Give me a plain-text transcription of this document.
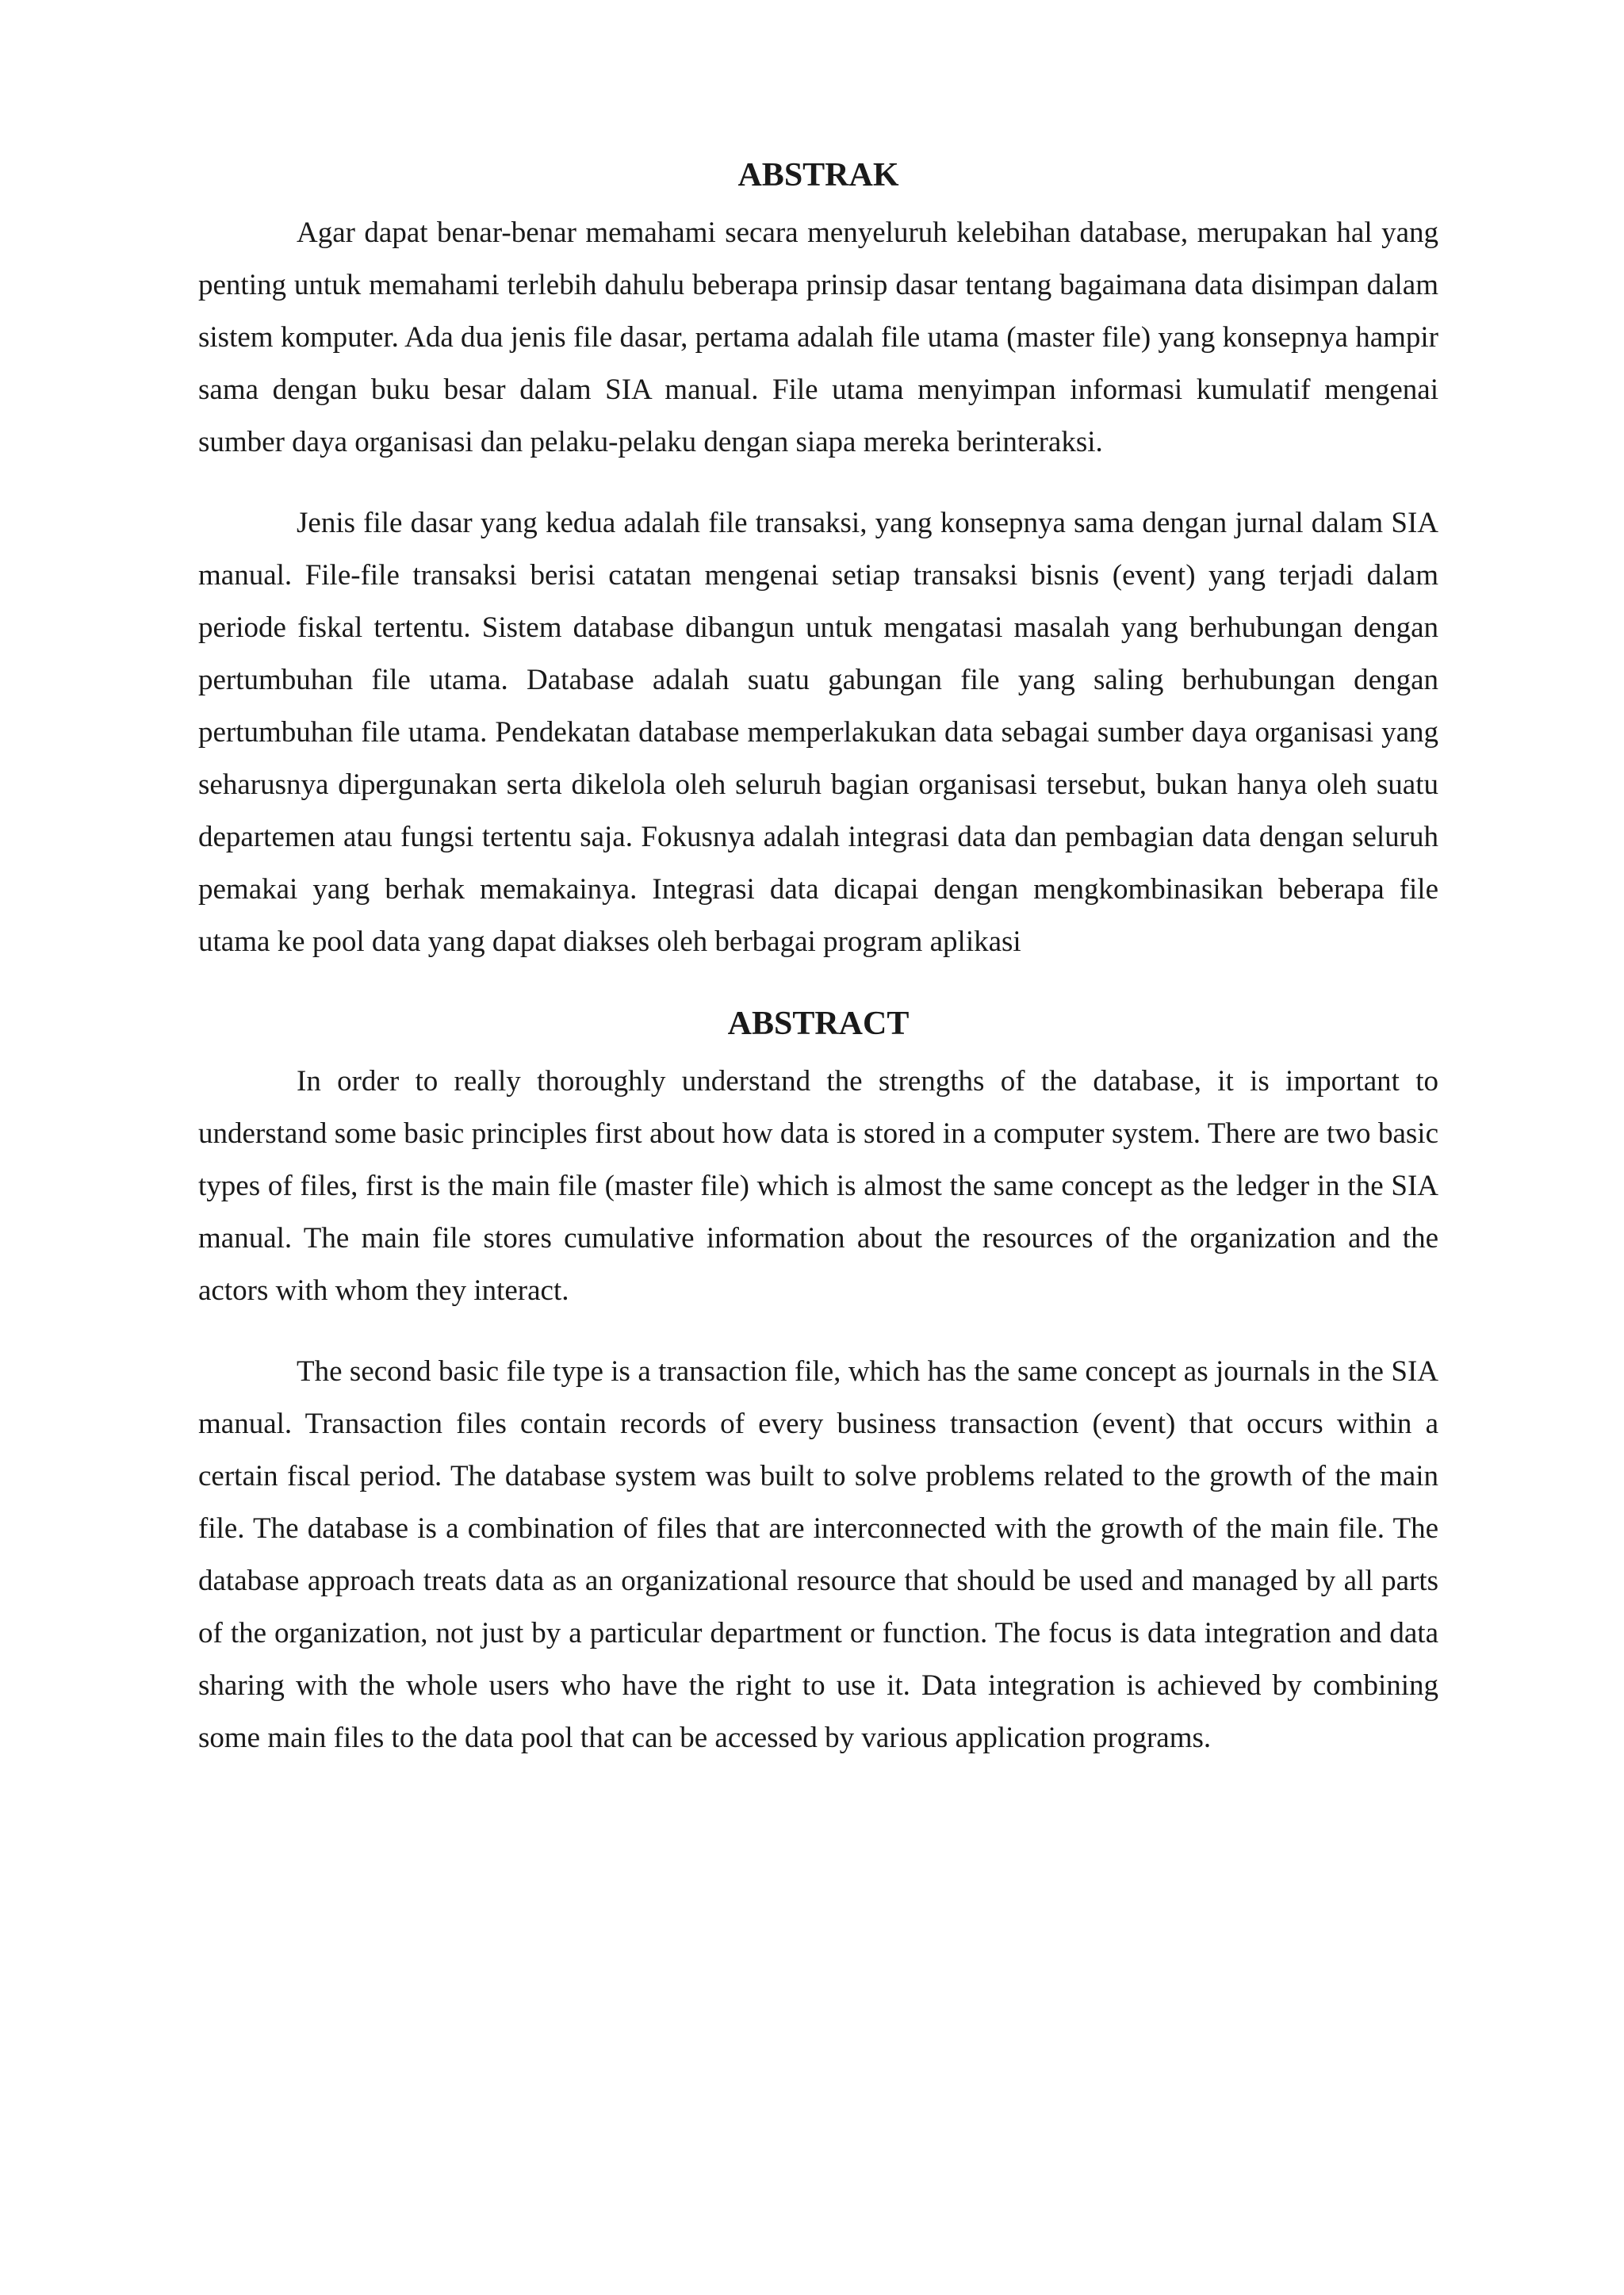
ABSTRAK

Agar dapat benar-benar memahami secara menyeluruh kelebihan database, merupakan hal yang penting untuk memahami terlebih dahulu beberapa prinsip dasar tentang bagaimana data disimpan dalam sistem komputer. Ada dua jenis file dasar, pertama adalah file utama (master file) yang konsepnya hampir sama dengan buku besar dalam SIA manual. File utama menyimpan informasi kumulatif mengenai sumber daya organisasi dan pelaku-pelaku dengan siapa mereka berinteraksi.

Jenis file dasar yang kedua adalah file transaksi, yang konsepnya sama dengan jurnal dalam SIA manual. File-file transaksi berisi catatan mengenai setiap transaksi bisnis (event) yang terjadi dalam periode fiskal tertentu. Sistem database dibangun untuk mengatasi masalah yang berhubungan dengan pertumbuhan file utama. Database adalah suatu gabungan file yang saling berhubungan dengan pertumbuhan file utama. Pendekatan database memperlakukan data sebagai sumber daya organisasi yang seharusnya dipergunakan serta dikelola oleh seluruh bagian organisasi tersebut, bukan hanya oleh suatu departemen atau fungsi tertentu saja. Fokusnya adalah integrasi data dan pembagian data dengan seluruh pemakai yang berhak memakainya. Integrasi data dicapai dengan mengkombinasikan beberapa file utama ke pool data yang dapat diakses oleh berbagai program aplikasi

ABSTRACT

In order to really thoroughly understand the strengths of the database, it is important to understand some basic principles first about how data is stored in a computer system. There are two basic types of files, first is the main file (master file) which is almost the same concept as the ledger in the SIA manual. The main file stores cumulative information about the resources of the organization and the actors with whom they interact.

The second basic file type is a transaction file, which has the same concept as journals in the SIA manual. Transaction files contain records of every business transaction (event) that occurs within a certain fiscal period. The database system was built to solve problems related to the growth of the main file. The database is a combination of files that are interconnected with the growth of the main file. The database approach treats data as an organizational resource that should be used and managed by all parts of the organization, not just by a particular department or function. The focus is data integration and data sharing with the whole users who have the right to use it. Data integration is achieved by combining some main files to the data pool that can be accessed by various application programs.
